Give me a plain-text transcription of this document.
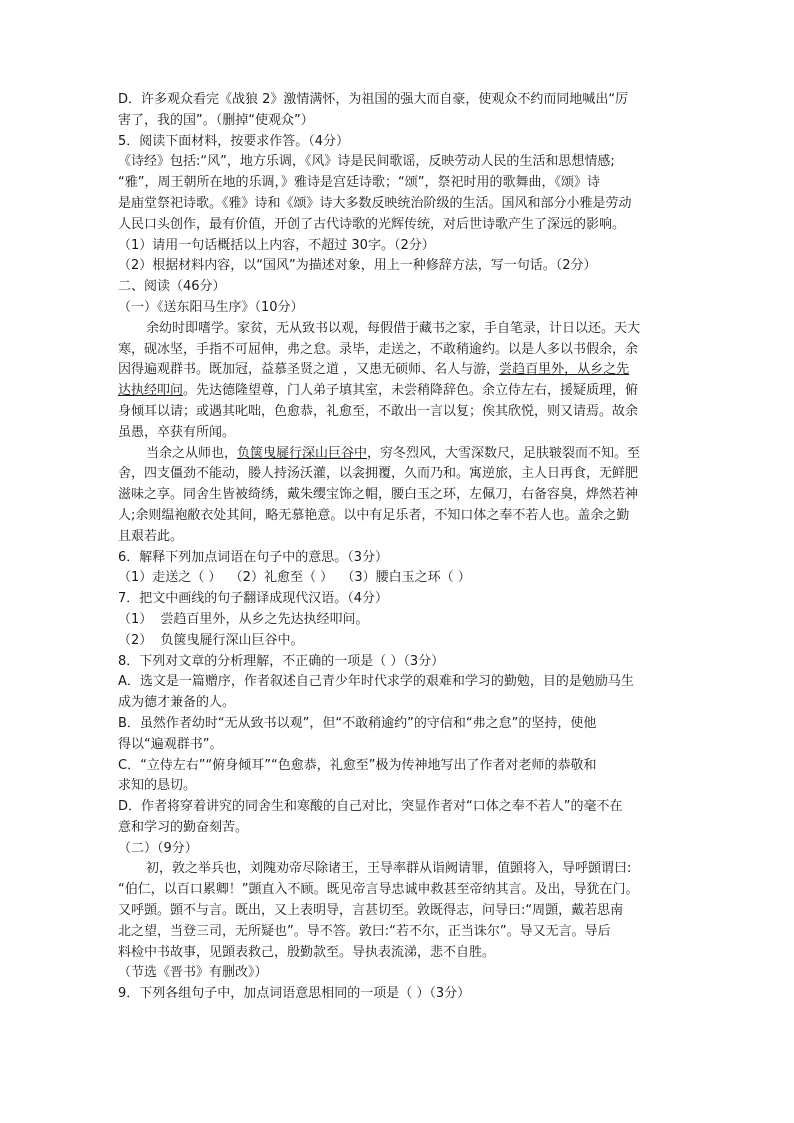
D．许多观众看完《战狼 2》激情满怀，为祖国的强大而自豪，使观众不约而同地喊出“厉
害了，我的国”。（删掉“使观众”）
5．阅读下面材料，按要求作答。（4分）
《诗经》包括:“风”，地方乐调，《风》诗是民间歌谣，反映劳动人民的生活和思想情感;
“雅”，周王朝所在地的乐调，》雅诗是宫廷诗歌；“颂”，祭祀时用的歌舞曲，《颂》诗
是庙堂祭祀诗歌。《雅》诗和《颂》诗大多数反映统治阶级的生活。国风和部分小雅是劳动
人民口头创作，最有价值，开创了古代诗歌的光辉传统，对后世诗歌产生了深远的影响。
（1）请用一句话概括以上内容，不超过 30字。（2分）
（2）根据材料内容，以“国风”为描述对象，用上一种修辞方法，写一句话。（2分）
二、阅读（46分）
（一）《送东阳马生序》（10分）
余幼时即嗜学。家贫，无从致书以观，每假借于藏书之家，手自笔录，计日以还。天大
寒，砚冰坚，手指不可屈伸，弗之怠。录毕，走送之，不敢稍逾约。以是人多以书假余，余
因得遍观群书。既加冠，益慕圣贤之道 ，又患无硕师、名人与游，尝趋百里外，从乡之先
达执经叩问。先达德隆望尊，门人弟子填其室，未尝稍降辞色。余立侍左右，援疑质理，俯
身倾耳以请；或遇其叱咄，色愈恭，礼愈至，不敢出一言以复；俟其欣悦，则又请焉。故余
虽愚，卒获有所闻。
当余之从师也，负箧曳屣行深山巨谷中，穷冬烈风，大雪深数尺，足肤皲裂而不知。至
舍，四支僵劲不能动，媵人持汤沃灌，以衾拥覆，久而乃和。寓逆旅，主人日再食，无鲜肥
滋味之享。同舍生皆被绮绣，戴朱缨宝饰之帽，腰白玉之环，左佩刀，右备容臭，烨然若神
人;余则缊袍敝衣处其间，略无慕艳意。以中有足乐者，不知口体之奉不若人也。盖余之勤
且艰若此。
6．解释下列加点词语在句子中的意思。（3分）
（1）走送之（ ）  （2）礼愈至（ ）  （3）腰白玉之环（ ）
7．把文中画线的句子翻译成现代汉语。（4分）
（1）  尝趋百里外，从乡之先达执经叩问。
（2）  负箧曳屣行深山巨谷中。
8．下列对文章的分析理解，不正确的一项是（ ）（3分）
A．选文是一篇赠序，作者叙述自己青少年时代求学的艰难和学习的勤勉，目的是勉励马生
成为德才兼备的人。
B．虽然作者幼时“无从致书以观”，但“不敢稍逾约”的守信和“弗之怠”的坚持，使他
得以“遍观群书”。
C．“立侍左右”“俯身倾耳”“色愈恭，礼愈至”极为传神地写出了作者对老师的恭敬和
求知的恳切。
D．作者将穿着讲究的同舍生和寒酸的自己对比，突显作者对“口体之奉不若人”的毫不在
意和学习的勤奋刻苦。
（二）（9分）
初，敦之举兵也，刘隗劝帝尽除诸王，王导率群从诣阙请罪，值顗将入，导呼顗谓曰:
“伯仁，以百口累卿！”顗直入不顾。既见帝言导忠诚申救甚至帝纳其言。及出，导犹在门。
又呼顗。顗不与言。既出，又上表明导，言甚切至。敦既得志，问导曰:“周顗，戴若思南
北之望，当登三司，无所疑也”。导不答。敦曰:“若不尔，正当诛尔”。导又无言。导后
料检中书故事，见顗表救己，殷勤款至。导执表流涕，悲不自胜。
（节选《晋书》有删改》）
9．下列各组句子中，加点词语意思相同的一项是（ ）（3分）
